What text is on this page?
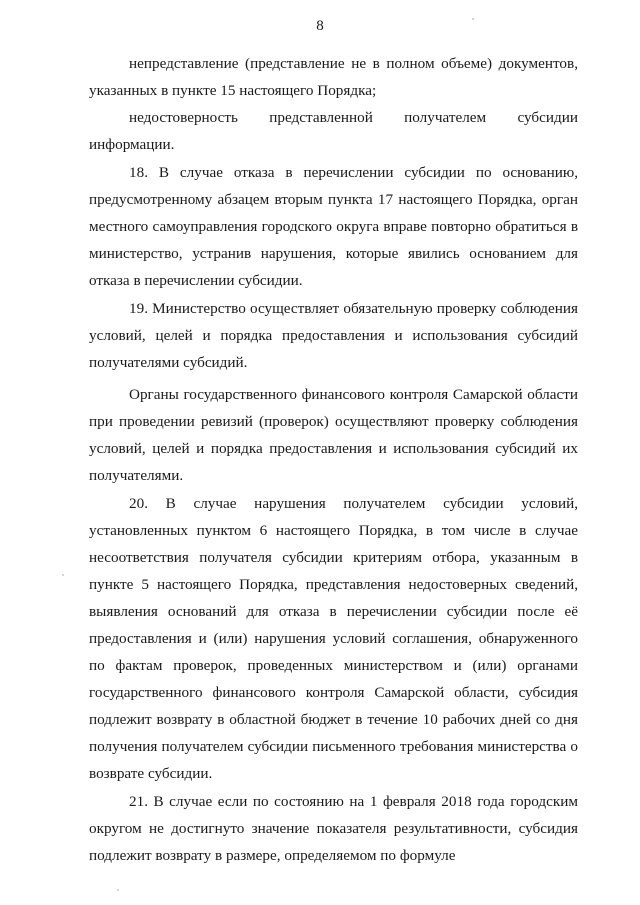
8

непредставление (представление не в полном объеме) документов, указанных в пункте 15 настоящего Порядка;

недостоверность представленной получателем субсидии

информации.

18. В случае отказа в перечислении субсидии по основанию, предусмотренному абзацем вторым пункта 17 настоящего Порядка, орган местного самоуправления городского округа вправе повторно обратиться в министерство, устранив нарушения, которые явились основанием для отказа в перечислении субсидии.

19. Министерство осуществляет обязательную проверку соблюдения условий, целей и порядка предоставления и использования субсидий получателями субсидий.

Органы государственного финансового контроля Самарской области при проведении ревизий (проверок) осуществляют проверку соблюдения условий, целей и порядка предоставления и использования субсидий их получателями.

20. В случае нарушения получателем субсидии условий, установленных пунктом 6 настоящего Порядка, в том числе в случае несоответствия получателя субсидии критериям отбора, указанным в пункте 5 настоящего Порядка, представления недостоверных сведений, выявления оснований для отказа в перечислении субсидии после её предоставления и (или) нарушения условий соглашения, обнаруженного по фактам проверок, проведенных министерством и (или) органами государственного финансового контроля Самарской области, субсидия подлежит возврату в областной бюджет в течение 10 рабочих дней со дня получения получателем субсидии письменного требования министерства о возврате субсидии.

21. В случае если по состоянию на 1 февраля 2018 года городским округом не достигнуто значение показателя результативности, субсидия подлежит возврату в размере, определяемом по формуле
